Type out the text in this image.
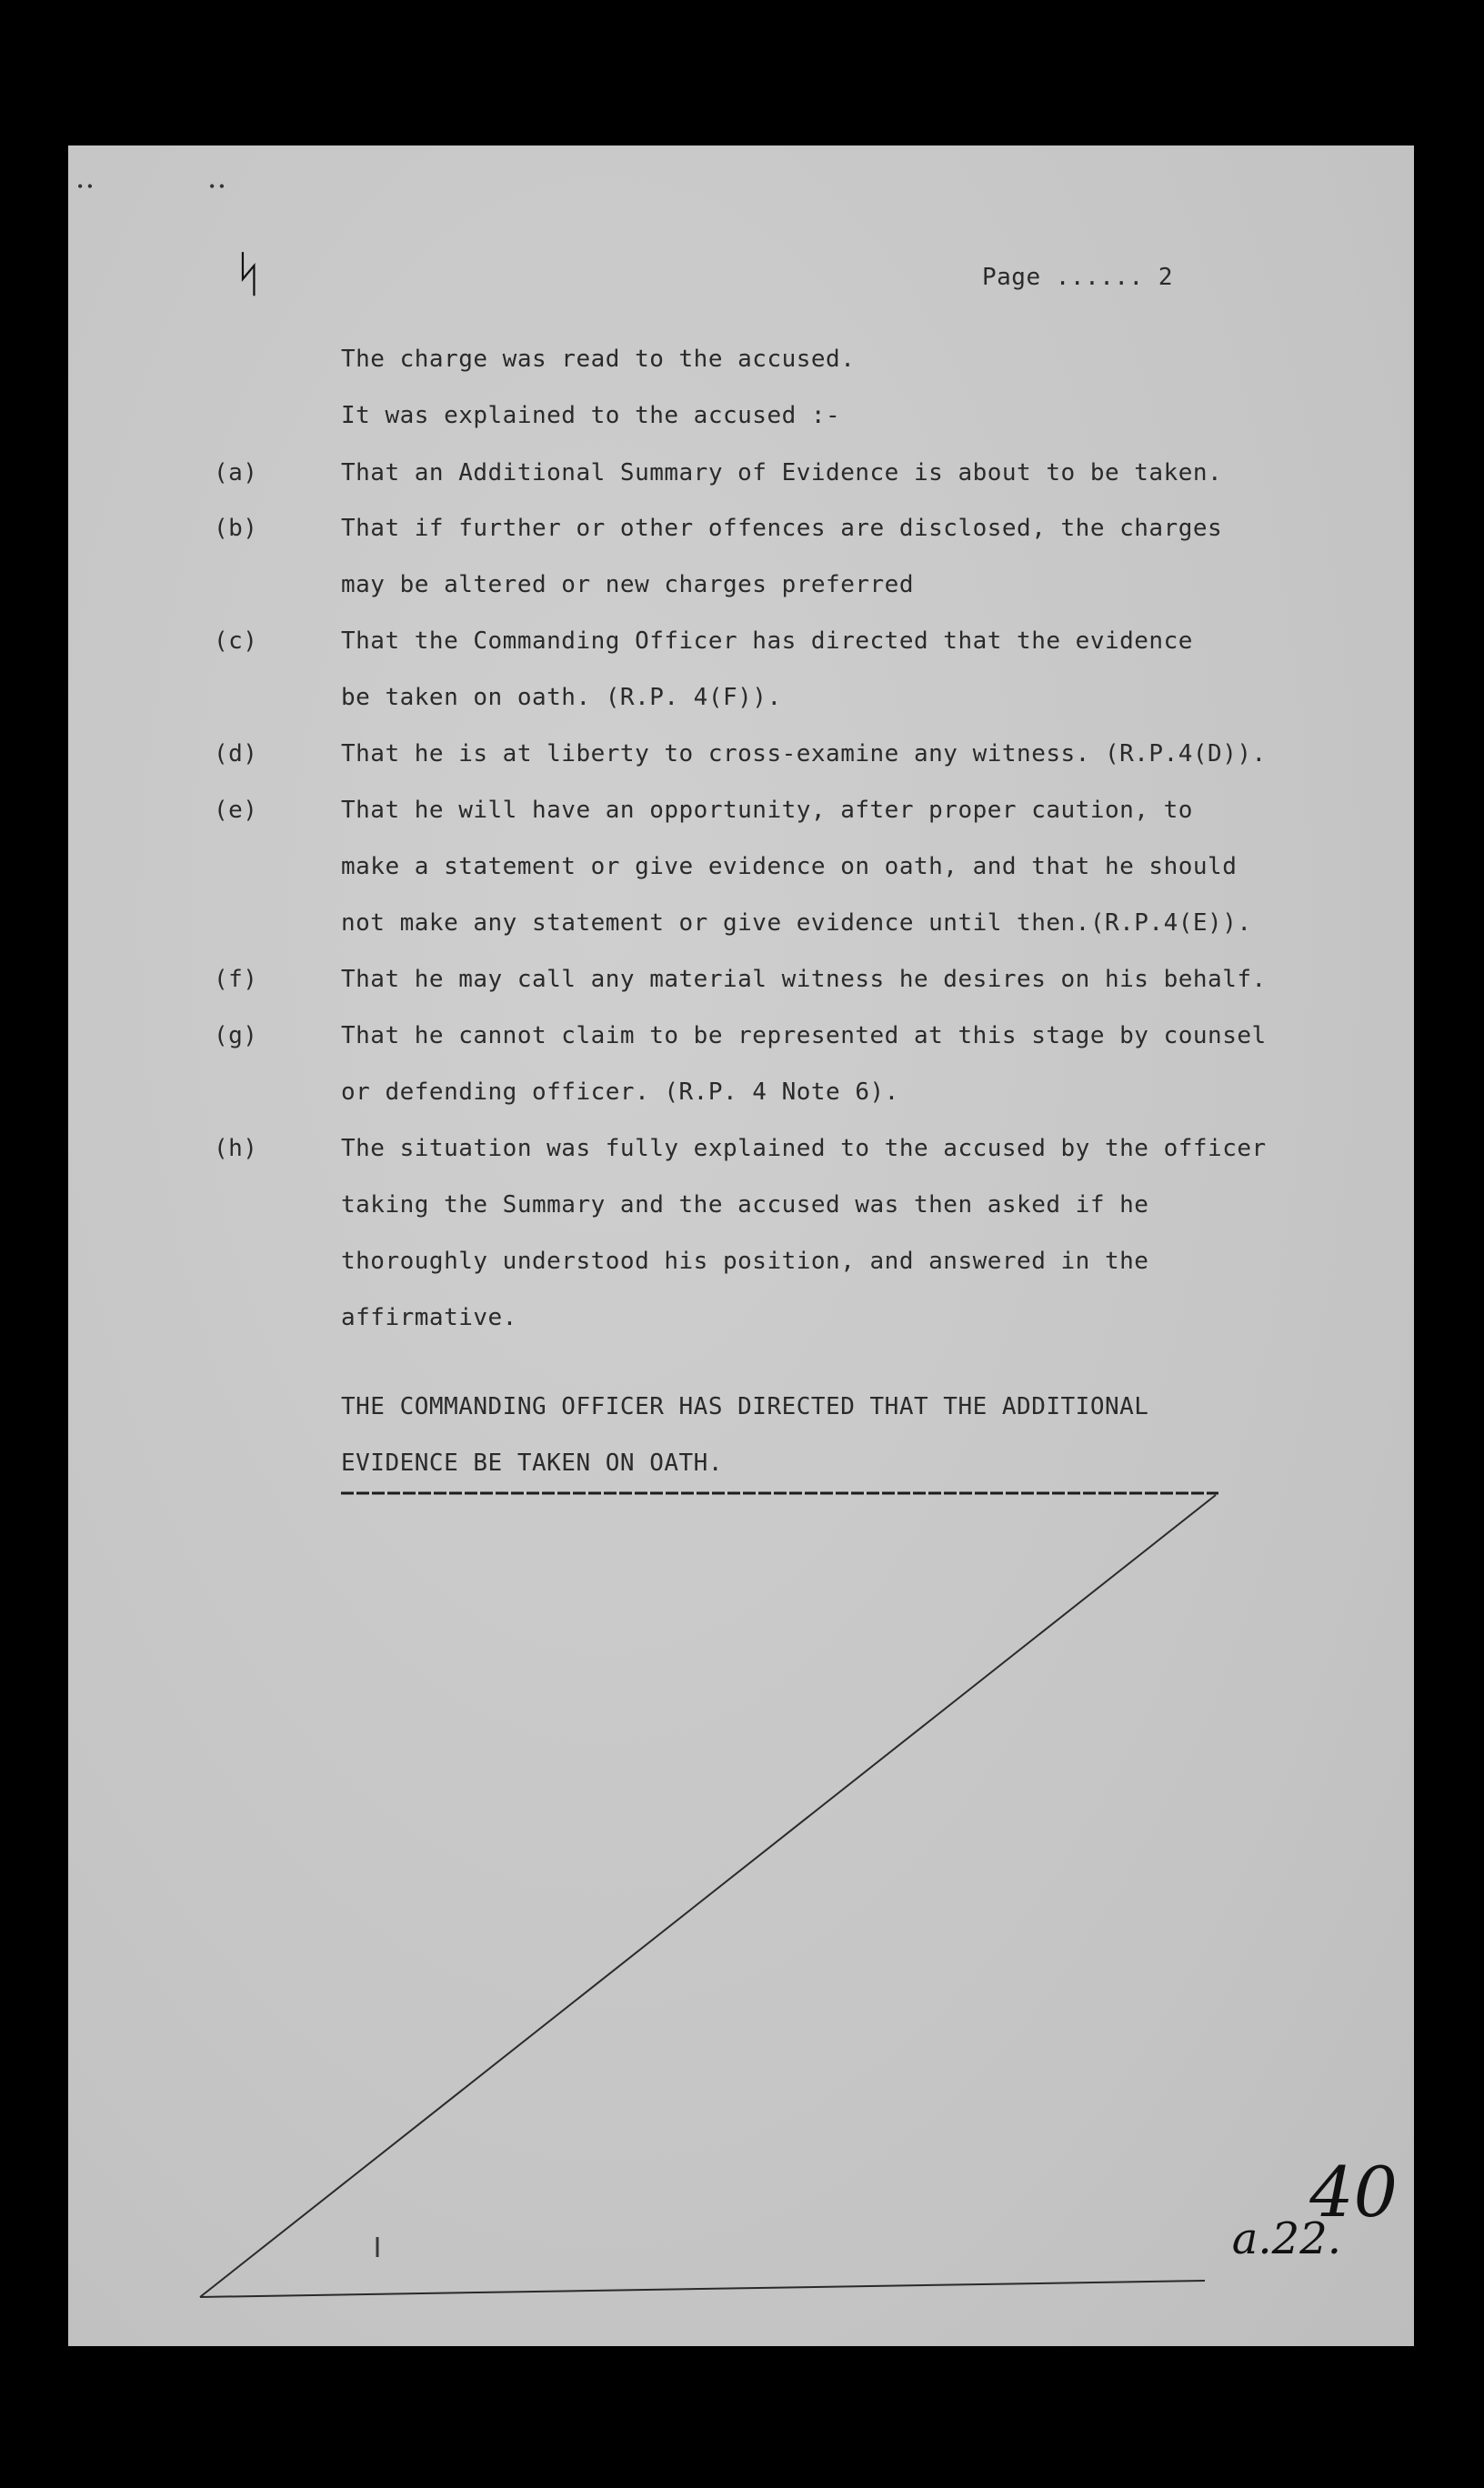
• •	• •
ᛋ	Page ...... 2
The charge was read to the accused.
It was explained to the accused :-
(a)	That an Additional Summary of Evidence is about to be taken.
(b)	That if further or other offences are disclosed, the charges
may be altered or new charges preferred
(c)	That the Commanding Officer has directed that the evidence
be taken on oath. (R.P. 4(F)).
(d)	That he is at liberty to cross-examine any witness. (R.P.4(D)).
(e)	That he will have an opportunity, after proper caution, to
make a statement or give evidence on oath, and that he should
not make any statement or give evidence until then.(R.P.4(E)).
(f)	That he may call any material witness he desires on his behalf.
(g)	That he cannot claim to be represented at this stage by counsel
or defending officer. (R.P. 4 Note 6).
(h)	The situation was fully explained to the accused by the officer
taking the Summary and the accused was then asked if he
thoroughly understood his position, and answered in the
affirmative.
THE COMMANDING OFFICER HAS DIRECTED THAT THE ADDITIONAL
EVIDENCE BE TAKEN ON OATH.
40
a.22.
